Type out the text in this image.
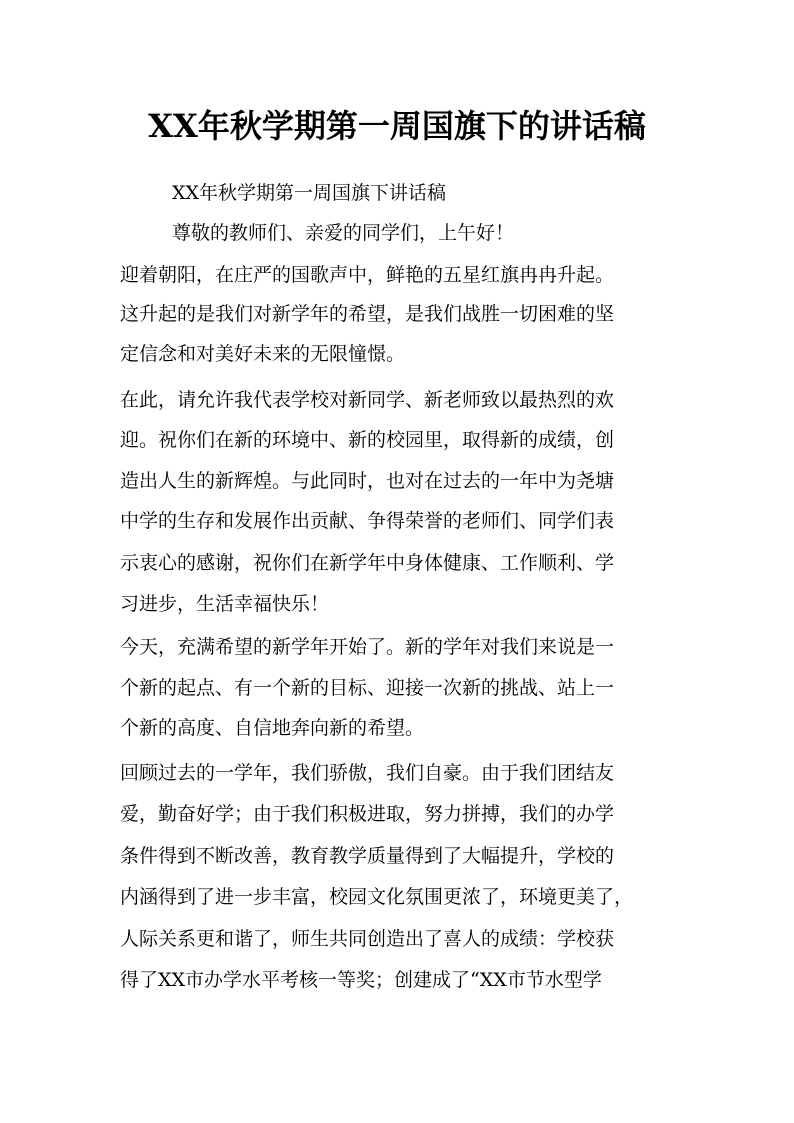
XX年秋学期第一周国旗下的讲话稿
XX年秋学期第一周国旗下讲话稿
尊敬的教师们、亲爱的同学们，上午好！
迎着朝阳，在庄严的国歌声中，鲜艳的五星红旗冉冉升起。
这升起的是我们对新学年的希望，是我们战胜一切困难的坚
定信念和对美好未来的无限憧憬。
在此，请允许我代表学校对新同学、新老师致以最热烈的欢
迎。祝你们在新的环境中、新的校园里，取得新的成绩，创
造出人生的新辉煌。与此同时，也对在过去的一年中为尧塘
中学的生存和发展作出贡献、争得荣誉的老师们、同学们表
示衷心的感谢，祝你们在新学年中身体健康、工作顺利、学
习进步，生活幸福快乐！
今天，充满希望的新学年开始了。新的学年对我们来说是一
个新的起点、有一个新的目标、迎接一次新的挑战、站上一
个新的高度、自信地奔向新的希望。
回顾过去的一学年，我们骄傲，我们自豪。由于我们团结友
爱，勤奋好学；由于我们积极进取，努力拼搏，我们的办学
条件得到不断改善，教育教学质量得到了大幅提升，学校的
内涵得到了进一步丰富，校园文化氛围更浓了，环境更美了，
人际关系更和谐了，师生共同创造出了喜人的成绩：学校获
得了XX市办学水平考核一等奖；创建成了“XX市节水型学
